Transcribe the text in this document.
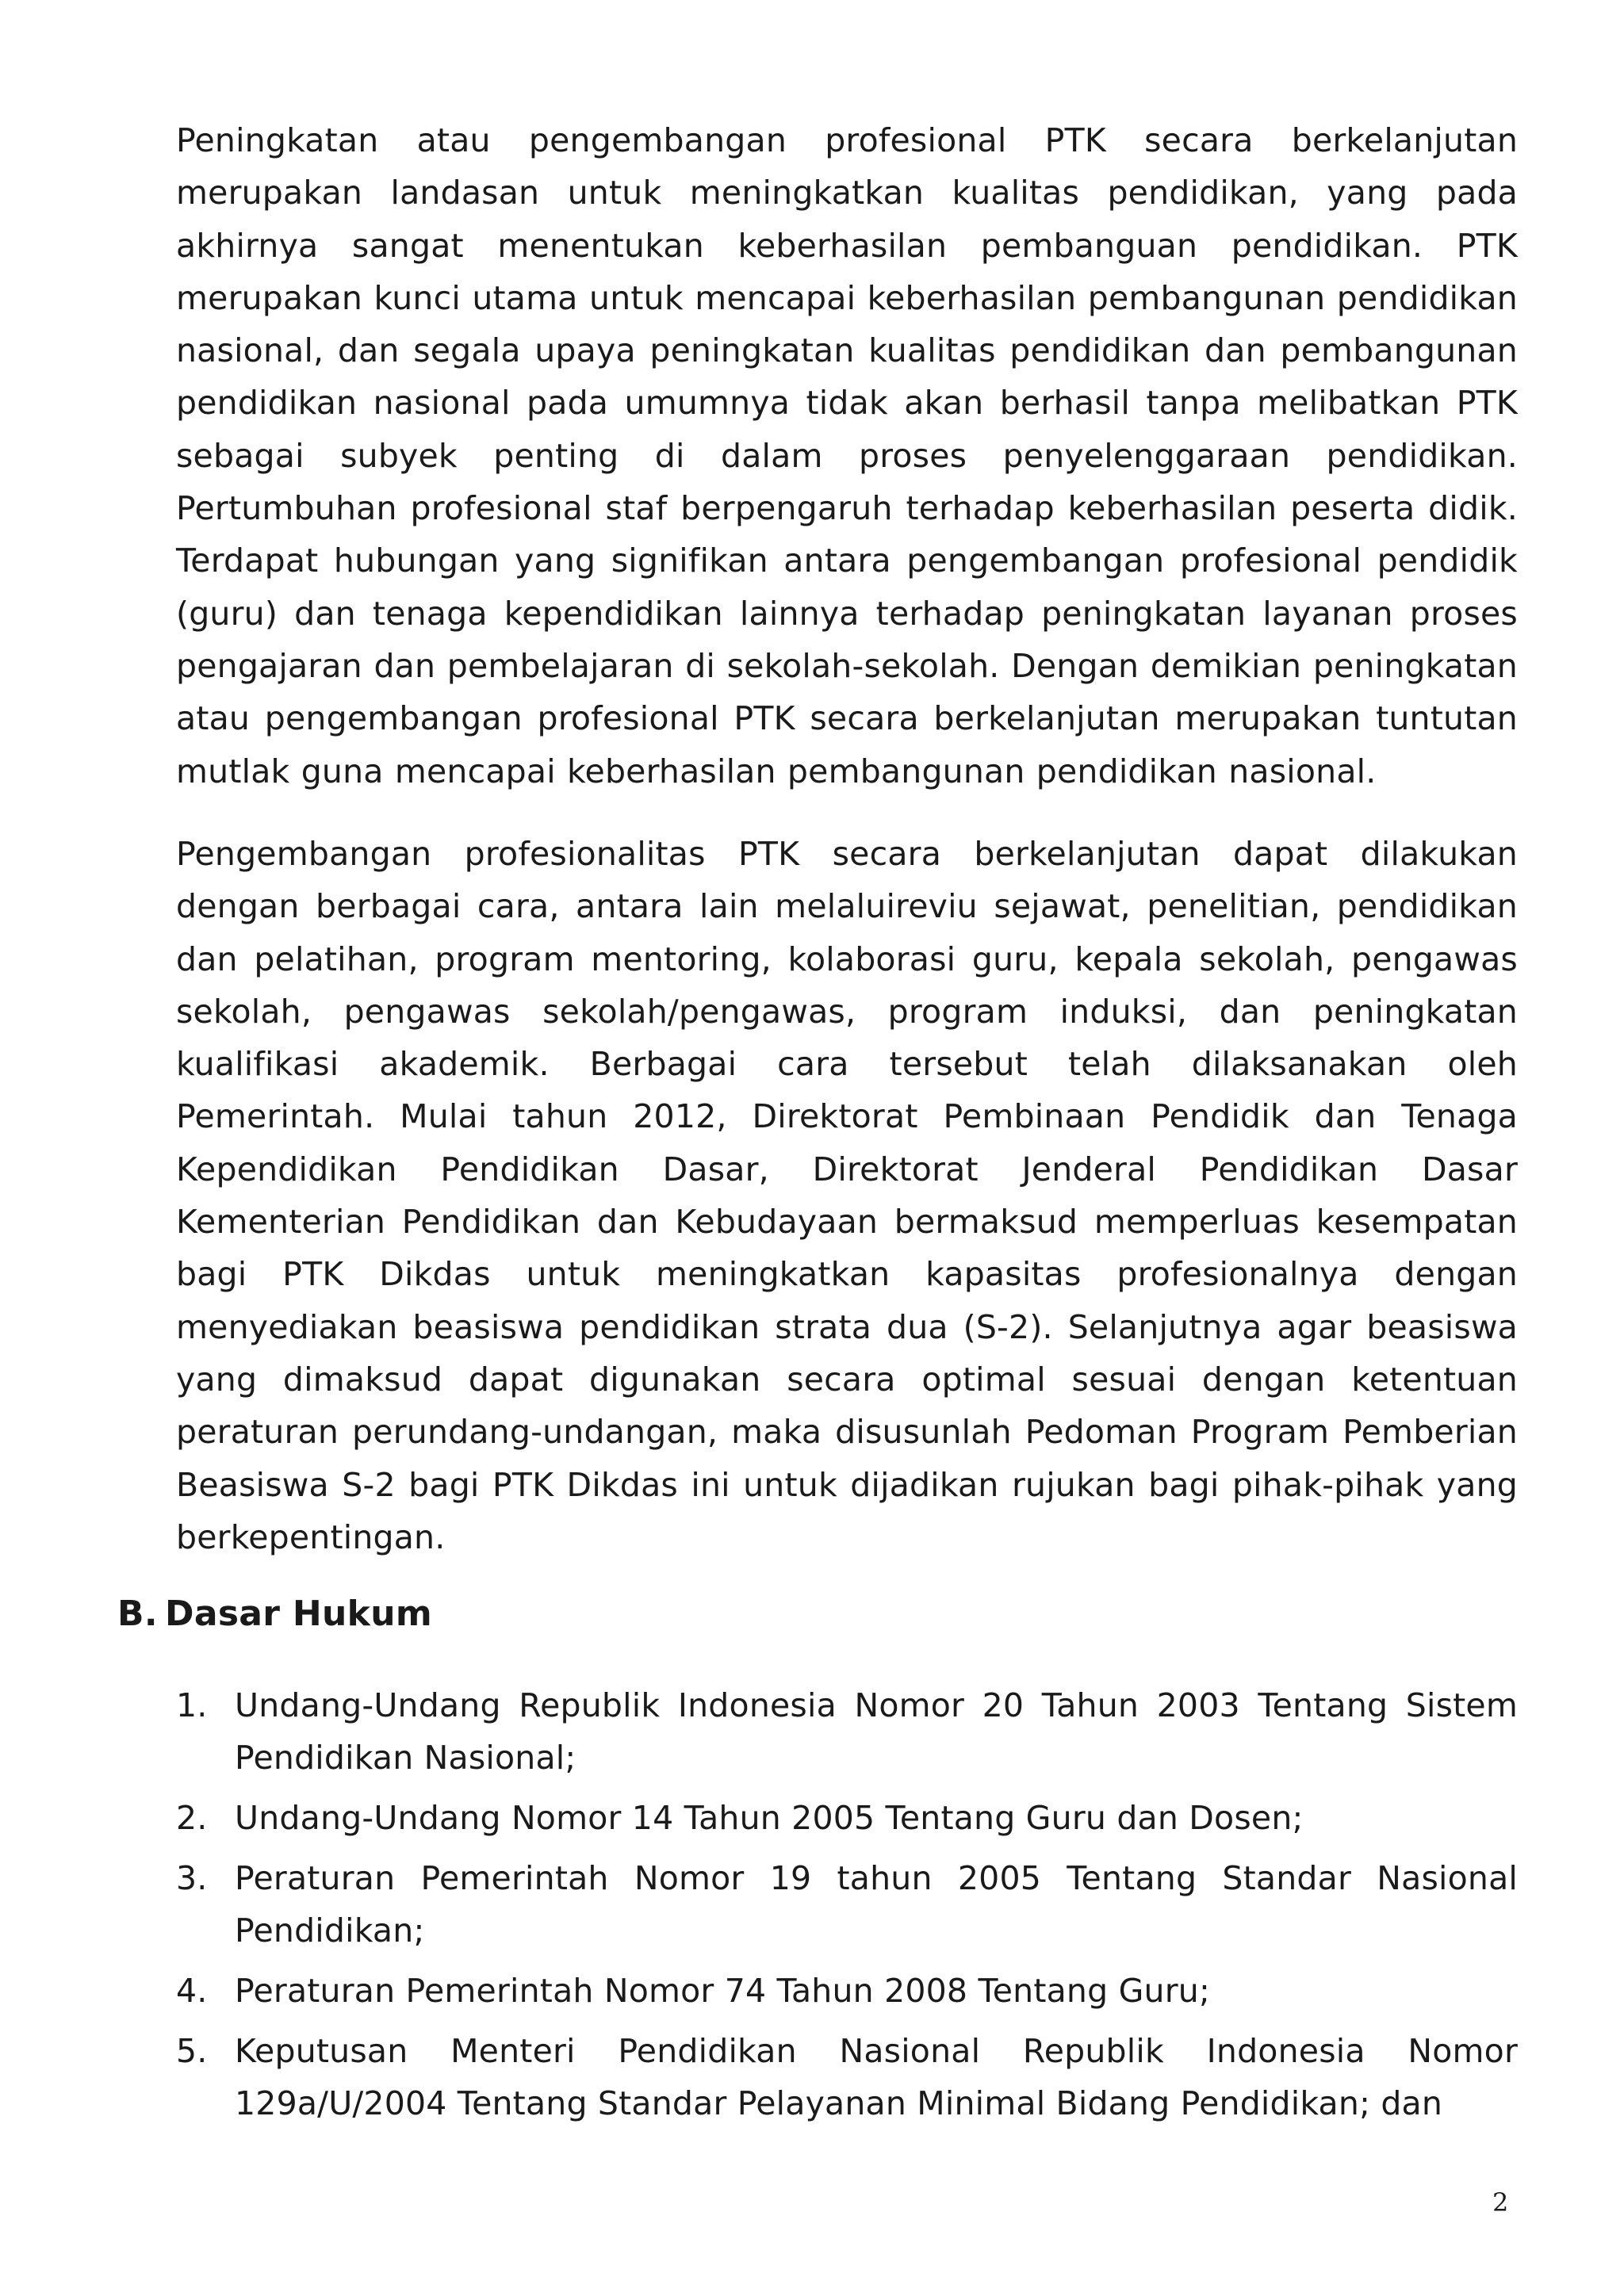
Peningkatan atau pengembangan profesional PTK secara berkelanjutan merupakan landasan untuk meningkatkan kualitas pendidikan, yang pada akhirnya sangat menentukan keberhasilan pembanguan pendidikan. PTK merupakan kunci utama untuk mencapai keberhasilan pembangunan pendidikan nasional, dan segala upaya peningkatan kualitas pendidikan dan pembangunan pendidikan nasional pada umumnya tidak akan berhasil tanpa melibatkan PTK sebagai subyek penting di dalam proses penyelenggaraan pendidikan. Pertumbuhan profesional staf berpengaruh terhadap keberhasilan peserta didik. Terdapat hubungan yang signifikan antara pengembangan profesional pendidik (guru) dan tenaga kependidikan lainnya terhadap peningkatan layanan proses pengajaran dan pembelajaran di sekolah-sekolah. Dengan demikian peningkatan atau pengembangan profesional PTK secara berkelanjutan merupakan tuntutan mutlak guna mencapai keberhasilan pembangunan pendidikan nasional.

Pengembangan profesionalitas PTK secara berkelanjutan dapat dilakukan dengan berbagai cara, antara lain melaluireviu sejawat, penelitian, pendidikan dan pelatihan, program mentoring, kolaborasi guru, kepala sekolah, pengawas sekolah, pengawas sekolah/pengawas, program induksi, dan peningkatan kualifikasi akademik. Berbagai cara tersebut telah dilaksanakan oleh Pemerintah. Mulai tahun 2012, Direktorat Pembinaan Pendidik dan Tenaga Kependidikan Pendidikan Dasar, Direktorat Jenderal Pendidikan Dasar Kementerian Pendidikan dan Kebudayaan bermaksud memperluas kesempatan bagi PTK Dikdas untuk meningkatkan kapasitas profesionalnya dengan menyediakan beasiswa pendidikan strata dua (S-2). Selanjutnya agar beasiswa yang dimaksud dapat digunakan secara optimal sesuai dengan ketentuan peraturan perundang-undangan, maka disusunlah Pedoman Program Pemberian Beasiswa S-2 bagi PTK Dikdas ini untuk dijadikan rujukan bagi pihak-pihak yang berkepentingan.

B. Dasar Hukum
1. Undang-Undang Republik Indonesia Nomor 20 Tahun 2003 Tentang Sistem Pendidikan Nasional;
2. Undang-Undang Nomor 14 Tahun 2005 Tentang Guru dan Dosen;
3. Peraturan Pemerintah Nomor 19 tahun 2005 Tentang Standar Nasional Pendidikan;
4. Peraturan Pemerintah Nomor 74 Tahun 2008 Tentang Guru;
5. Keputusan Menteri Pendidikan Nasional Republik Indonesia Nomor 129a/U/2004 Tentang Standar Pelayanan Minimal Bidang Pendidikan; dan
2
